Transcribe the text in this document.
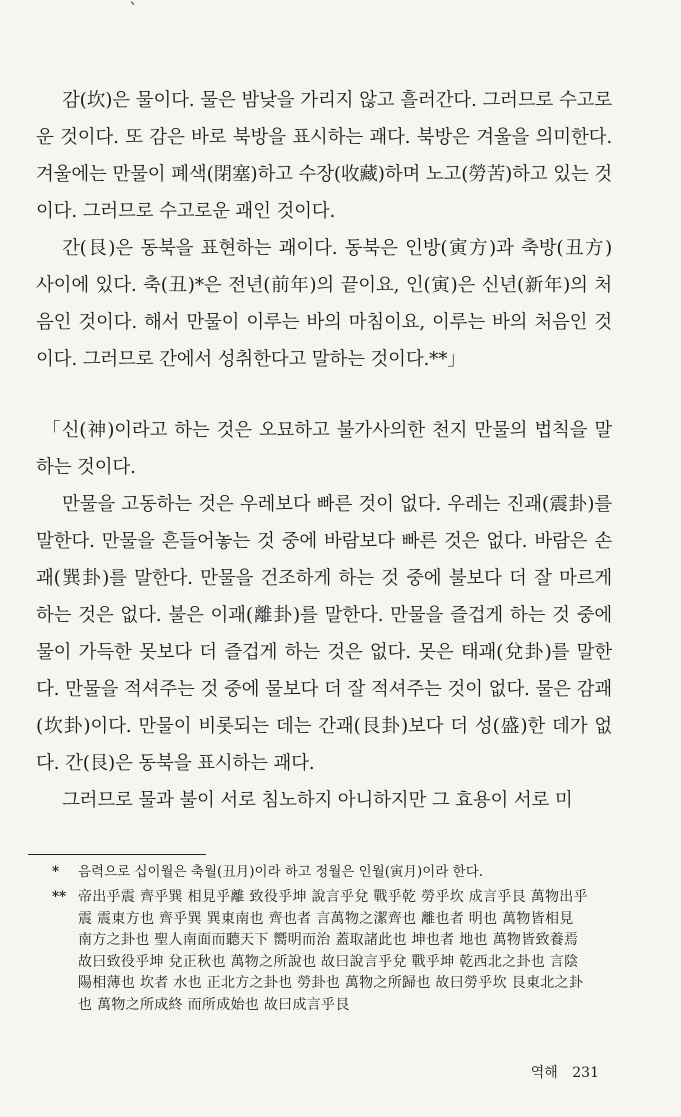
`

감(坎)은 물이다. 물은 밤낮을 가리지 않고 흘러간다. 그러므로 수고로운 것이다. 또 감은 바로 북방을 표시하는 괘다. 북방은 겨울을 의미한다. 겨울에는 만물이 폐색(閉塞)하고 수장(收藏)하며 노고(勞苦)하고 있는 것이다. 그러므로 수고로운 괘인 것이다.

간(艮)은 동북을 표현하는 괘이다. 동북은 인방(寅方)과 축방(丑方) 사이에 있다. 축(丑)*은 전년(前年)의 끝이요, 인(寅)은 신년(新年)의 처음인 것이다. 해서 만물이 이루는 바의 마침이요, 이루는 바의 처음인 것이다. 그러므로 간에서 성취한다고 말하는 것이다.**」

「신(神)이라고 하는 것은 오묘하고 불가사의한 천지 만물의 법칙을 말하는 것이다.

만물을 고동하는 것은 우레보다 빠른 것이 없다. 우레는 진괘(震卦)를 말한다. 만물을 흔들어놓는 것 중에 바람보다 빠른 것은 없다. 바람은 손괘(巽卦)를 말한다. 만물을 건조하게 하는 것 중에 불보다 더 잘 마르게 하는 것은 없다. 불은 이괘(離卦)를 말한다. 만물을 즐겁게 하는 것 중에 물이 가득한 못보다 더 즐겁게 하는 것은 없다. 못은 태괘(兌卦)를 말한다. 만물을 적셔주는 것 중에 물보다 더 잘 적셔주는 것이 없다. 물은 감괘(坎卦)이다. 만물이 비롯되는 데는 간괘(艮卦)보다 더 성(盛)한 데가 없다. 간(艮)은 동북을 표시하는 괘다.

그러므로 물과 불이 서로 침노하지 아니하지만 그 효용이 서로 미

* 음력으로 십이월은 축월(丑月)이라 하고 정월은 인월(寅月)이라 한다.
** 帝出乎震 齊乎巽 相見乎離 致役乎坤 說言乎兌 戰乎乾 勞乎坎 成言乎艮 萬物出乎震 震東方也 齊乎巽 巽東南也 齊也者 言萬物之潔齊也 離也者 明也 萬物皆相見 南方之卦也 聖人南面而聽天下 嚮明而治 蓋取諸此也 坤也者 地也 萬物皆致養焉 故曰致役乎坤 兌正秋也 萬物之所說也 故曰說言乎兌 戰乎坤 乾西北之卦也 言陰陽相薄也 坎者 水也 正北方之卦也 勞卦也 萬物之所歸也 故曰勞乎坎 艮東北之卦也 萬物之所成終 而所成始也 故曰成言乎艮
역해 231
